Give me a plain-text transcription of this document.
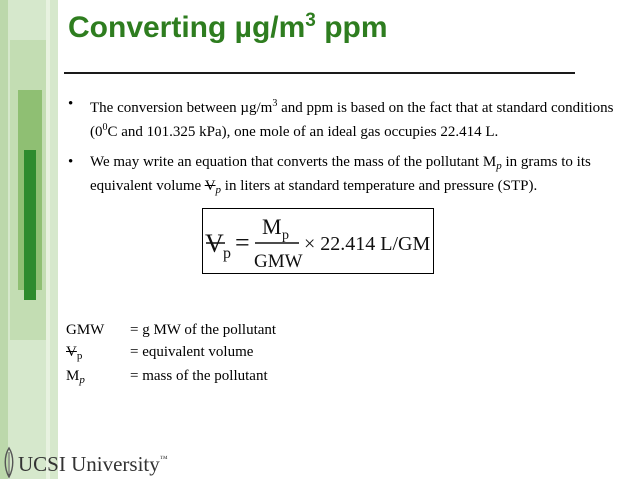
Converting $\mu g/m^3$ ppm
• The conversion between $\mu g/m^3$ and ppm is based on the fact that at standard conditions ($0^0C$ and 101.325 kPa), one mole of an ideal gas occupies 22.414 L.
• We may write an equation that converts the mass of the pollutant $M_p$ in grams to its equivalent volume $V_p$ in liters at standard temperature and pressure (STP).
V p =
M p
GMW
× 22.414 L/GM
GMW = g MW of the pollutant
$V_p$	= equivalent volume
$M_p$	= mass of the pollutant
UCSI University™
